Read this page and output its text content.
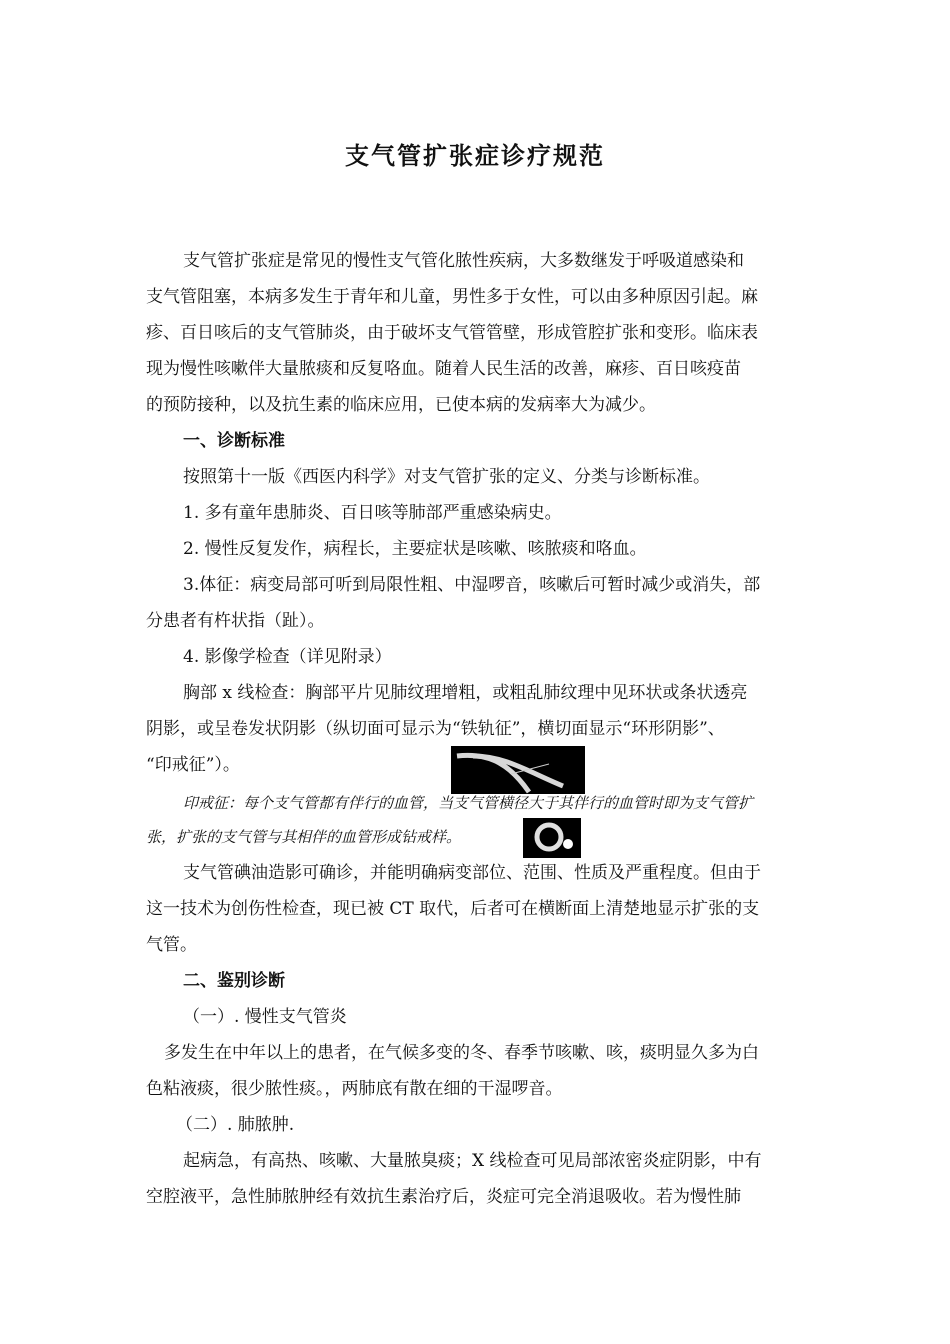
支气管扩张症诊疗规范
支气管扩张症是常见的慢性支气管化脓性疾病，大多数继发于呼吸道感染和
支气管阻塞，本病多发生于青年和儿童，男性多于女性，可以由多种原因引起。麻
疹、百日咳后的支气管肺炎，由于破坏支气管管壁，形成管腔扩张和变形。临床表
现为慢性咳嗽伴大量脓痰和反复咯血。随着人民生活的改善，麻疹、百日咳疫苗
的预防接种，以及抗生素的临床应用，已使本病的发病率大为减少。
一、诊断标准
按照第十一版《西医内科学》对支气管扩张的定义、分类与诊断标准。
1. 多有童年患肺炎、百日咳等肺部严重感染病史。
2. 慢性反复发作，病程长，主要症状是咳嗽、咳脓痰和咯血。
3.体征：病变局部可听到局限性粗、中湿啰音，咳嗽后可暂时减少或消失，部
分患者有杵状指（趾）。
4. 影像学检查（详见附录）
胸部 x 线检查：胸部平片见肺纹理增粗，或粗乱肺纹理中见环状或条状透亮
阴影，或呈卷发状阴影（纵切面可显示为“铁轨征”，横切面显示“环形阴影”、
“印戒征”）。
印戒征：每个支气管都有伴行的血管，当支气管横径大于其伴行的血管时即为支气管扩
张，扩张的支气管与其相伴的血管形成钻戒样。
支气管碘油造影可确诊，并能明确病变部位、范围、性质及严重程度。但由于
这一技术为创伤性检查，现已被 CT 取代，后者可在横断面上清楚地显示扩张的支
气管。
二、鉴别诊断
（一）. 慢性支气管炎
多发生在中年以上的患者，在气候多变的冬、春季节咳嗽、咳，痰明显久多为白
色粘液痰，很少脓性痰。，两肺底有散在细的干湿啰音。
（二）. 肺脓肿.
起病急，有高热、咳嗽、大量脓臭痰；X 线检查可见局部浓密炎症阴影，中有
空腔液平，急性肺脓肿经有效抗生素治疗后，炎症可完全消退吸收。若为慢性肺
